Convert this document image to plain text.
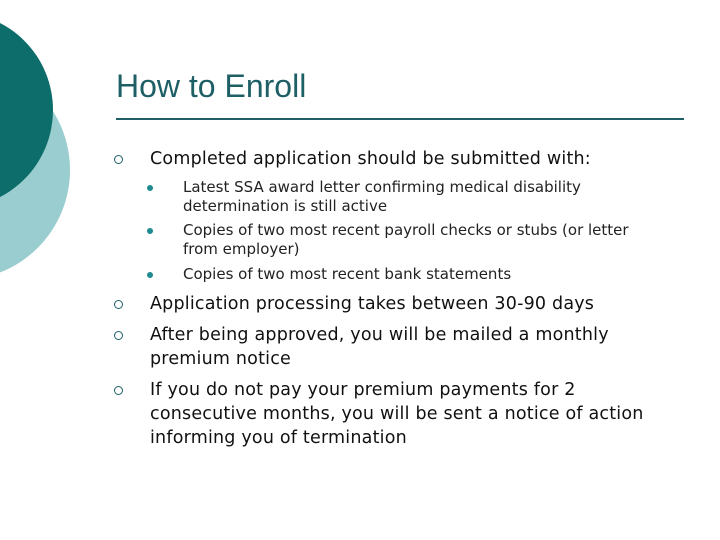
How to Enroll
Completed application should be submitted with:
Latest SSA award letter confirming medical disability determination is still active
Copies of two most recent payroll checks or stubs (or letter from employer)
Copies of two most recent bank statements
Application processing takes between 30-90 days
After being approved, you will be mailed a monthly premium notice
If you do not pay your premium payments for 2 consecutive months, you will be sent a notice of action informing you of termination
